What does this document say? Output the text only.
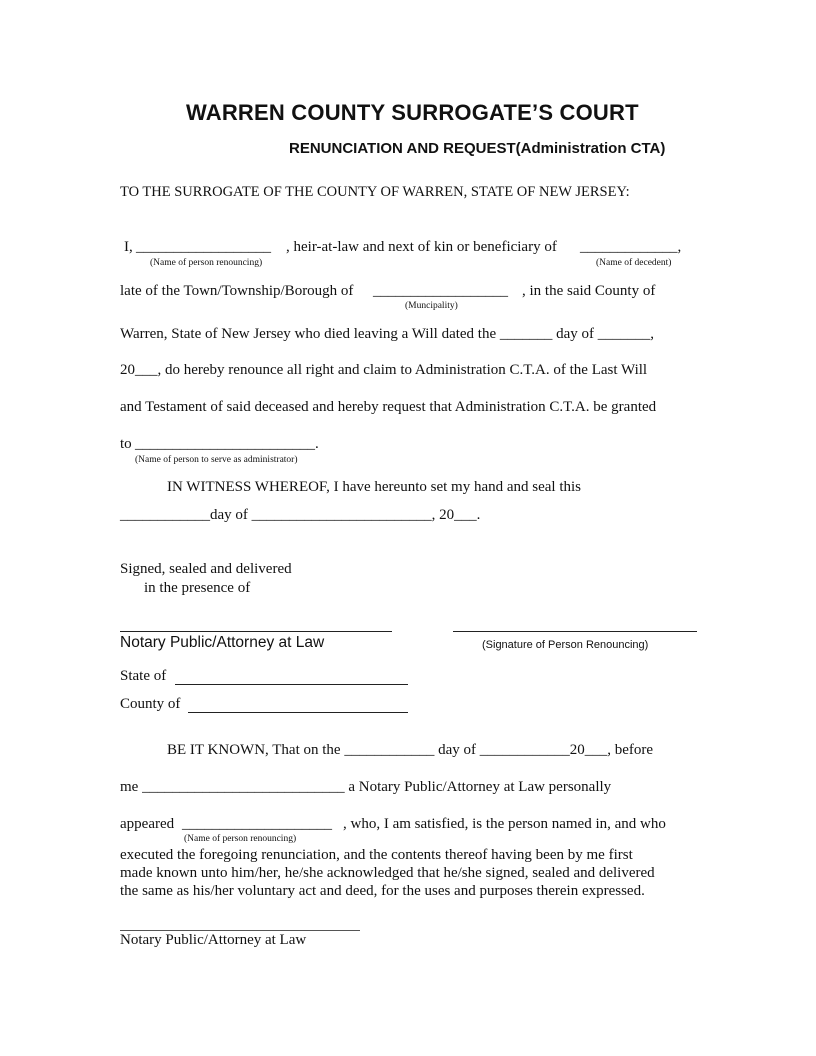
WARREN COUNTY SURROGATE’S COURT
RENUNCIATION AND REQUEST(Administration CTA)
TO THE SURROGATE OF THE COUNTY OF WARREN, STATE OF NEW JERSEY:
I, __________________ , heir-at-law and next of kin or beneficiary of _____________,
(Name of person renouncing)	(Name of decedent)
late of the Town/Township/Borough of __________________ , in the said County of
(Muncipality)
Warren, State of New Jersey who died leaving a Will dated the _______ day of _______,
20___, do hereby renounce all right and claim to Administration C.T.A. of the Last Will
and Testament of said deceased and hereby request that Administration C.T.A. be granted
to ________________________.
(Name of person to serve as administrator)
IN WITNESS WHEREOF, I have hereunto set my hand and seal this
____________day of ________________________, 20___.
Signed, sealed and delivered
in the presence of
Notary Public/Attorney at Law	(Signature of Person Renouncing)
State of
County of
BE IT KNOWN, That on the ____________ day of ____________20___, before
me ___________________________ a Notary Public/Attorney at Law personally
appeared ____________________ , who, I am satisfied, is the person named in, and who
(Name of person renouncing)
executed the foregoing renunciation, and the contents thereof having been by me first
made known unto him/her, he/she acknowledged that he/she signed, sealed and delivered
the same as his/her voluntary act and deed, for the uses and purposes therein expressed.
Notary Public/Attorney at Law
